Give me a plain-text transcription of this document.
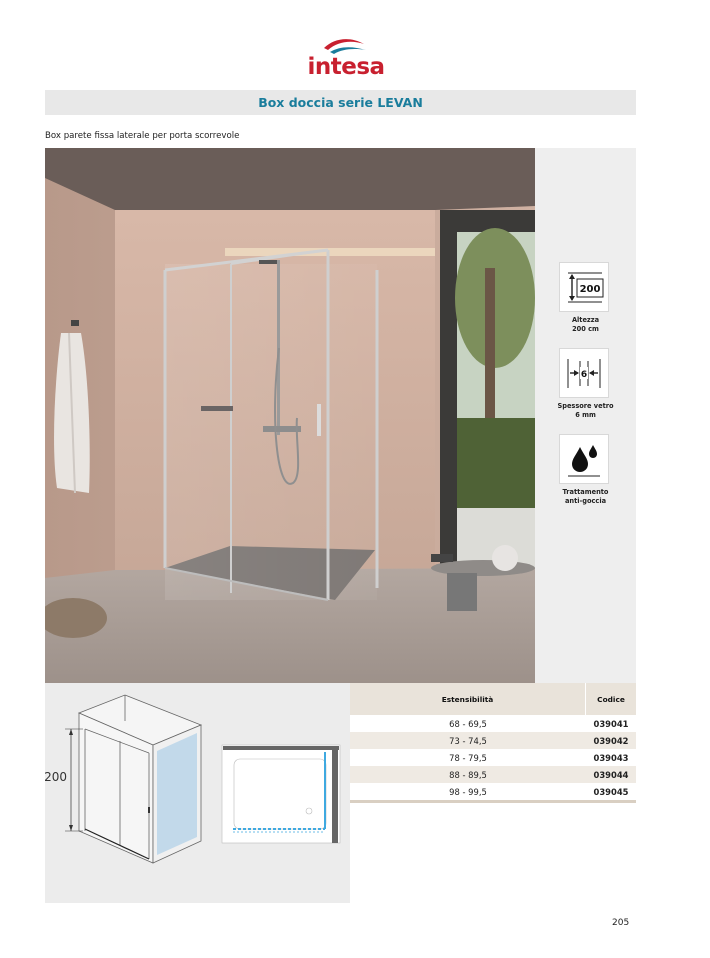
intesa
Box doccia serie LEVAN
Box parete fissa laterale per porta scorrevole
200
Altezza
200 cm
6
Spessore vetro
6 mm
Trattamento
anti-goccia
200
Estensibilità	Codice
68 - 69,5	039041
73 - 74,5	039042
78 - 79,5	039043
88 - 89,5	039044
98 - 99,5	039045
205
